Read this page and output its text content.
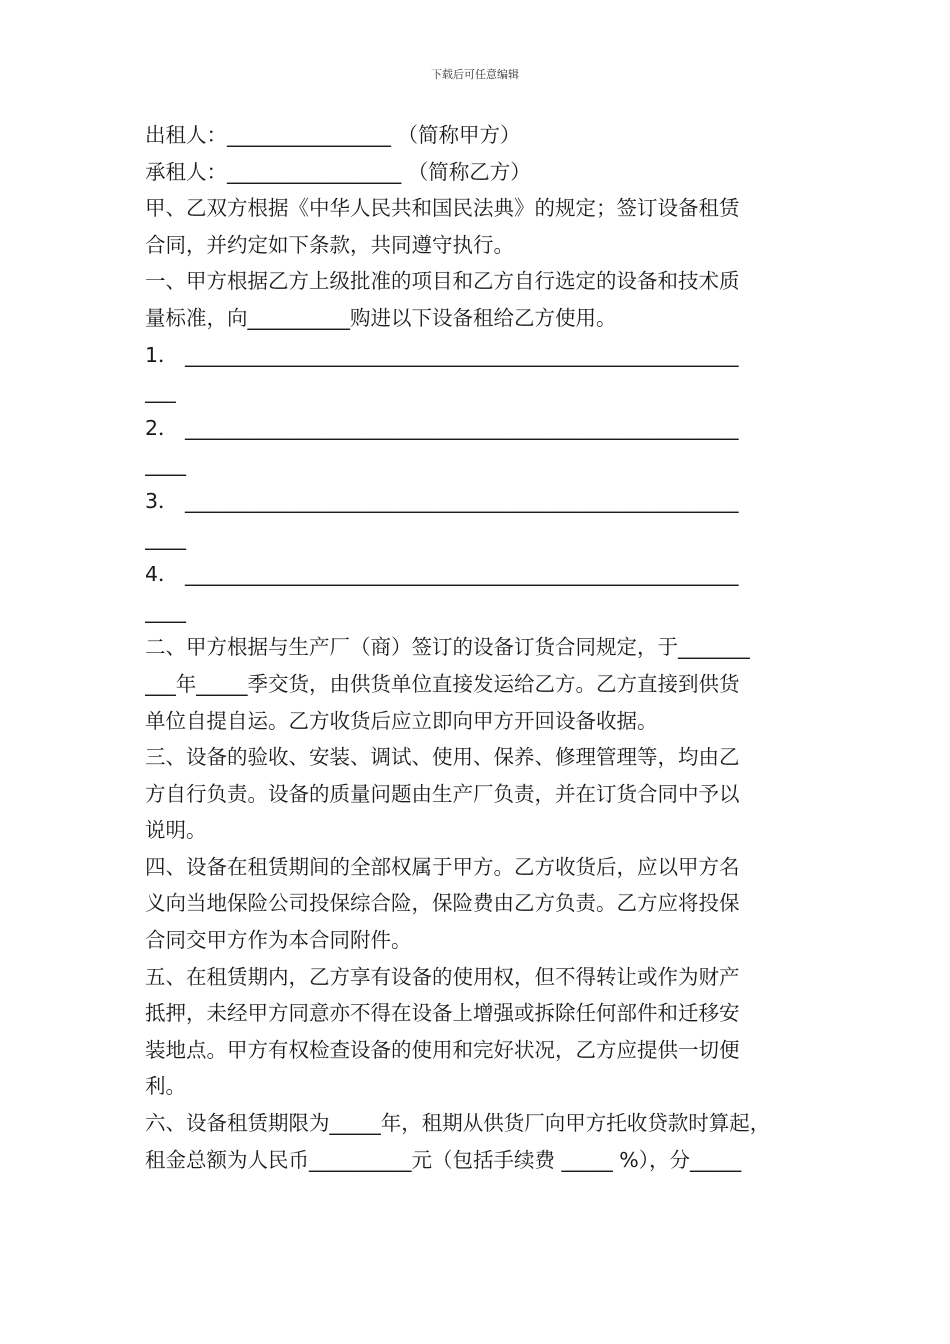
下载后可任意编辑
出租人：________________ （简称甲方）
承租人：_________________ （简称乙方）
甲、乙双方根据《中华人民共和国民法典》的规定；签订设备租赁
合同，并约定如下条款，共同遵守执行。
一、甲方根据乙方上级批准的项目和乙方自行选定的设备和技术质
量标准，向__________购进以下设备租给乙方使用。
1． ______________________________________________________
___
2． ______________________________________________________
____
3． ______________________________________________________
____
4． ______________________________________________________
____
二、甲方根据与生产厂（商）签订的设备订货合同规定，于_______
___年_____季交货，由供货单位直接发运给乙方。乙方直接到供货
单位自提自运。乙方收货后应立即向甲方开回设备收据。
三、设备的验收、安装、调试、使用、保养、修理管理等，均由乙
方自行负责。设备的质量问题由生产厂负责，并在订货合同中予以
说明。
四、设备在租赁期间的全部权属于甲方。乙方收货后，应以甲方名
义向当地保险公司投保综合险，保险费由乙方负责。乙方应将投保
合同交甲方作为本合同附件。
五、在租赁期内，乙方享有设备的使用权，但不得转让或作为财产
抵押，未经甲方同意亦不得在设备上增强或拆除任何部件和迁移安
装地点。甲方有权检查设备的使用和完好状况，乙方应提供一切便
利。
六、设备租赁期限为_____年，租期从供货厂向甲方托收贷款时算起，
租金总额为人民币__________元（包括手续费 _____ %），分_____
